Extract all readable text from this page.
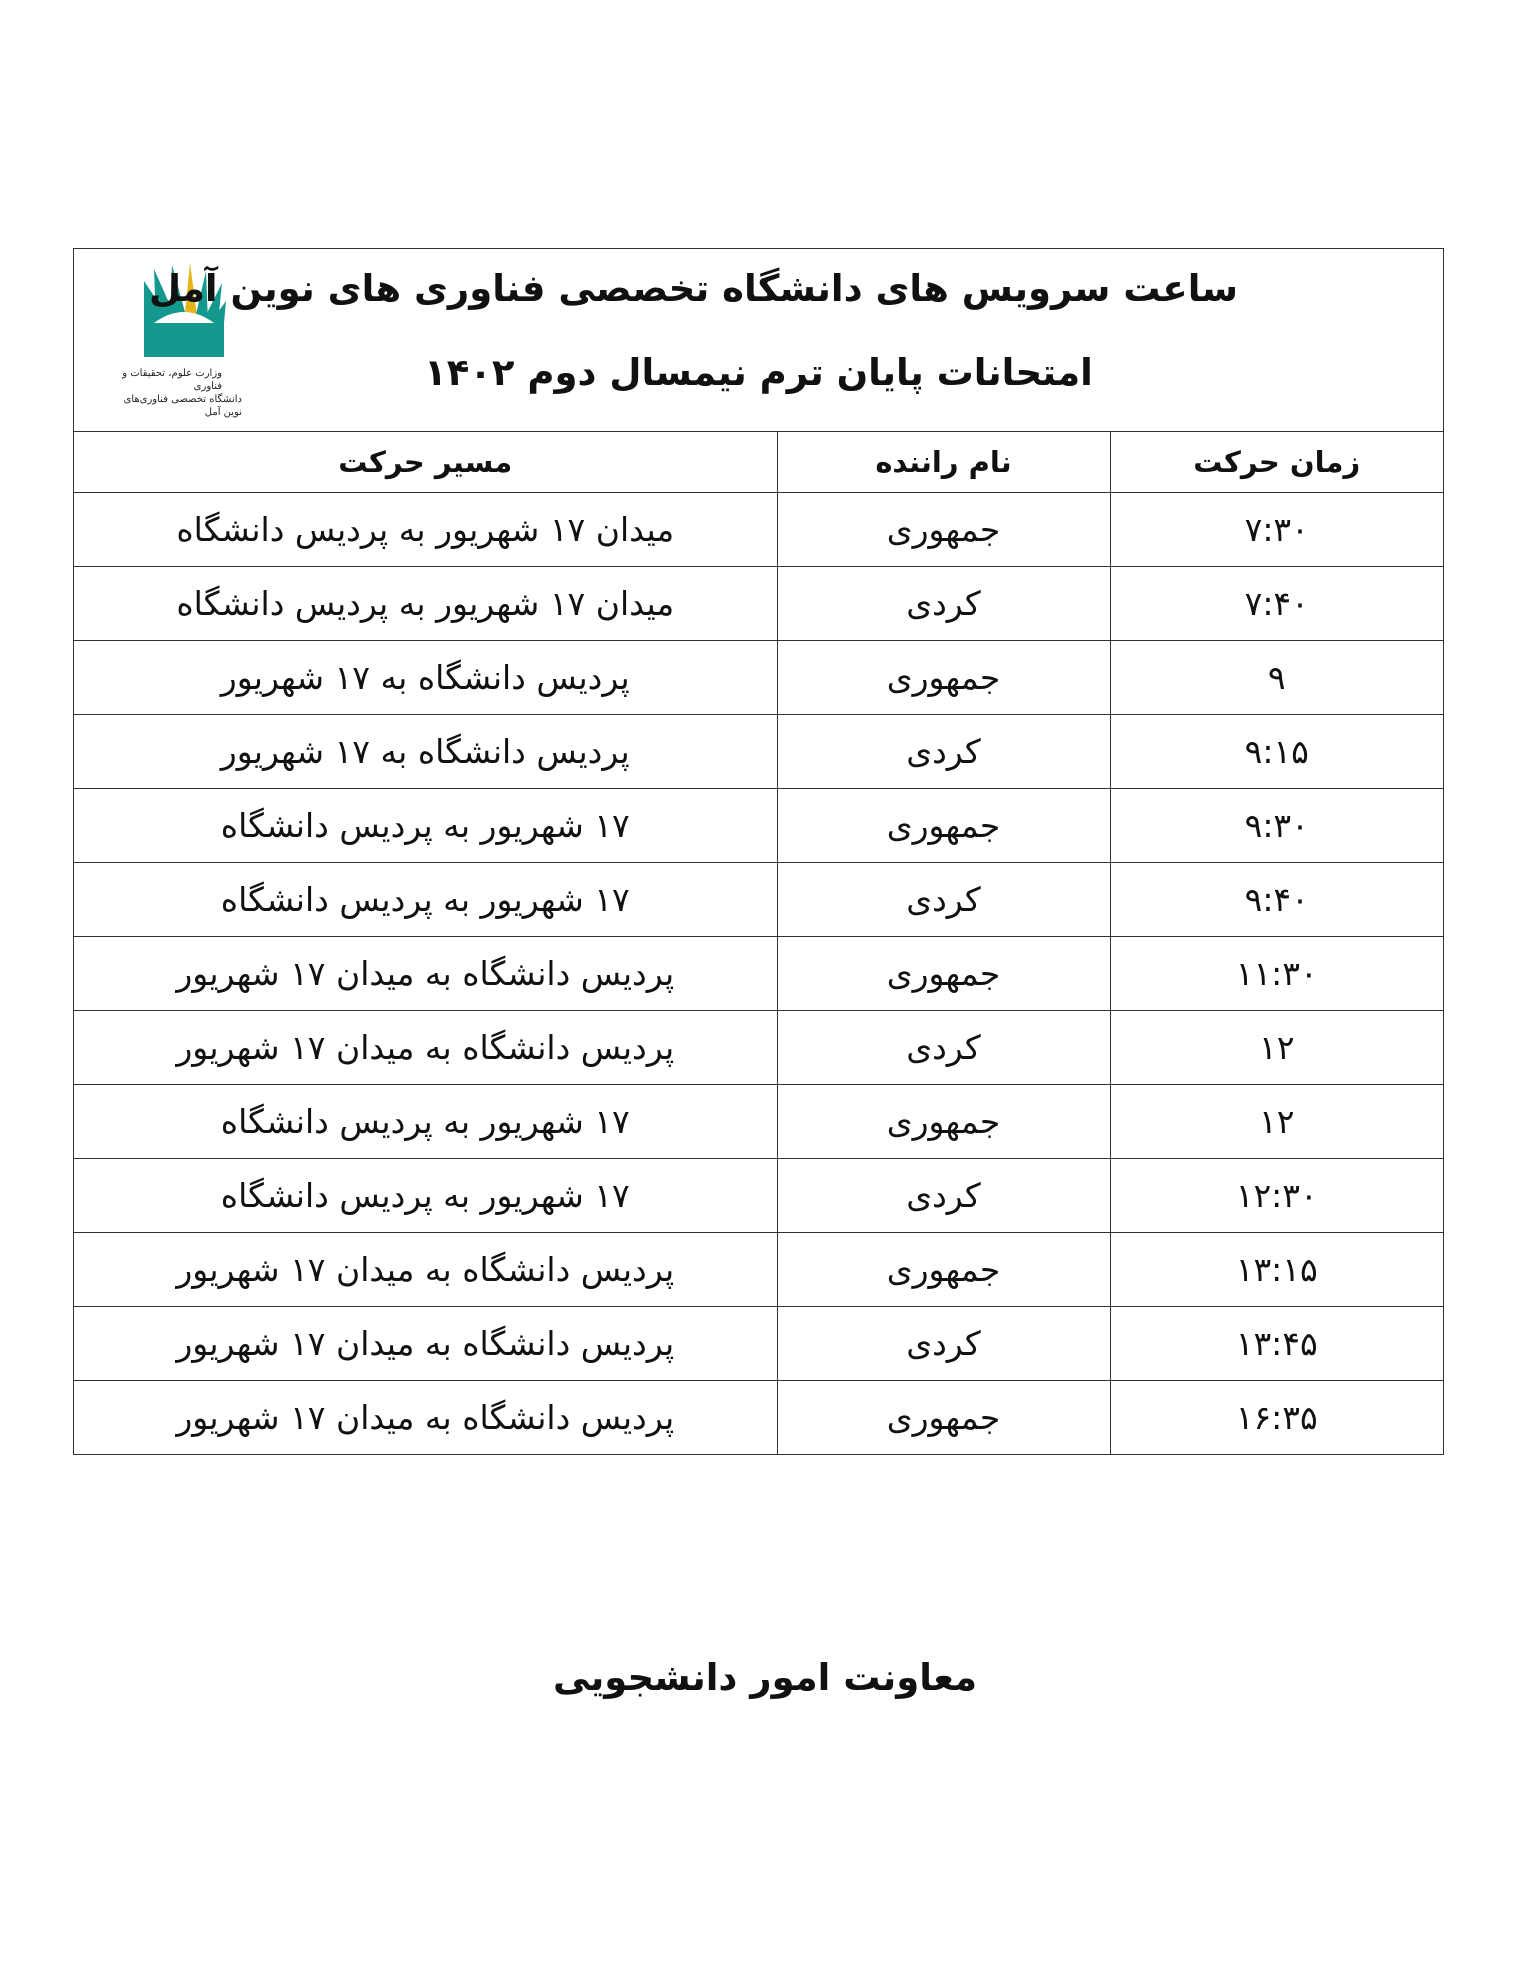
وزارت علوم، تحقیقات و فناوری
دانشگاه تخصصی فناوری‌های نوین آمل
ساعت سرویس های دانشگاه تخصصی فناوری های نوین آمل
امتحانات پایان ترم نیمسال دوم ۱۴۰۲
زمان حرکت	نام راننده	مسیر حرکت
۷:۳۰	جمهوری	میدان ۱۷ شهریور به پردیس دانشگاه
۷:۴۰	کردی	میدان ۱۷ شهریور به پردیس دانشگاه
۹	جمهوری	پردیس دانشگاه به ۱۷ شهریور
۹:۱۵	کردی	پردیس دانشگاه به ۱۷ شهریور
۹:۳۰	جمهوری	۱۷ شهریور به پردیس دانشگاه
۹:۴۰	کردی	۱۷ شهریور به پردیس دانشگاه
۱۱:۳۰	جمهوری	پردیس دانشگاه به میدان ۱۷ شهریور
۱۲	کردی	پردیس دانشگاه به میدان ۱۷ شهریور
۱۲	جمهوری	۱۷ شهریور به پردیس دانشگاه
۱۲:۳۰	کردی	۱۷ شهریور به پردیس دانشگاه
۱۳:۱۵	جمهوری	پردیس دانشگاه به میدان ۱۷ شهریور
۱۳:۴۵	کردی	پردیس دانشگاه به میدان ۱۷ شهریور
۱۶:۳۵	جمهوری	پردیس دانشگاه به میدان ۱۷ شهریور
معاونت امور دانشجویی
